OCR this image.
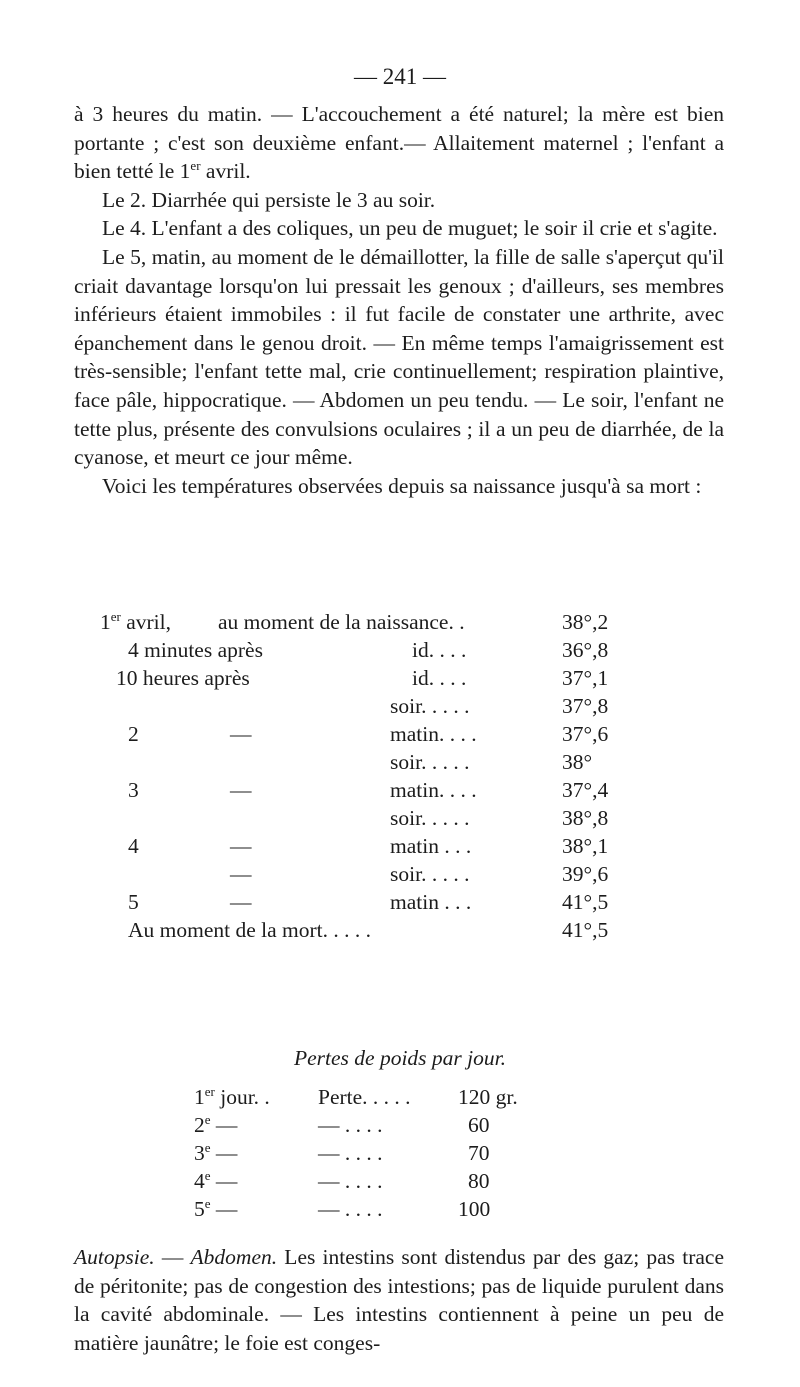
— 241 —

à 3 heures du matin. — L'accouchement a été naturel; la mère est bien portante ; c'est son deuxième enfant.— Allaitement maternel ; l'enfant a bien tetté le 1er avril.

Le 2. Diarrhée qui persiste le 3 au soir.

Le 4. L'enfant a des coliques, un peu de muguet; le soir il crie et s'agite.

Le 5, matin, au moment de le démaillotter, la fille de salle s'aperçut qu'il criait davantage lorsqu'on lui pressait les genoux ; d'ailleurs, ses membres inférieurs étaient immobiles : il fut facile de constater une arthrite, avec épanchement dans le genou droit. — En même temps l'amaigrissement est très-sensible; l'enfant tette mal, crie continuellement; respiration plaintive, face pâle, hippocratique. — Abdomen un peu tendu. — Le soir, l'enfant ne tette plus, présente des convulsions oculaires ; il a un peu de diarrhée, de la cyanose, et meurt ce jour même.

Voici les températures observées depuis sa naissance jusqu'à sa mort :

1er avril, au moment de la naissance. .	38°,2
4 minutes après	id. . . .	36°,8
10 heures après	id. . . .	37°,1
soir. . . . .	37°,8
2	—	matin. . . .	37°,6
soir. . . . .	38°
3	—	matin. . . .	37°,4
soir. . . . .	38°,8
4	—	matin . . .	38°,1
—	soir. . . . .	39°,6
5	—	matin . . .	41°,5
Au moment de la mort. . . . .	41°,5
Pertes de poids par jour.
1er jour. . Perte. . . . . 120 gr.
2e —	— . . . .	60
3e —	— . . . .	70
4e —	— . . . .	80
5e —	— . . . .	100

Autopsie. — Abdomen. Les intestins sont distendus par des gaz; pas trace de péritonite; pas de congestion des intestions; pas de liquide purulent dans la cavité abdominale. — Les intestins contiennent à peine un peu de matière jaunâtre; le foie est conges-
